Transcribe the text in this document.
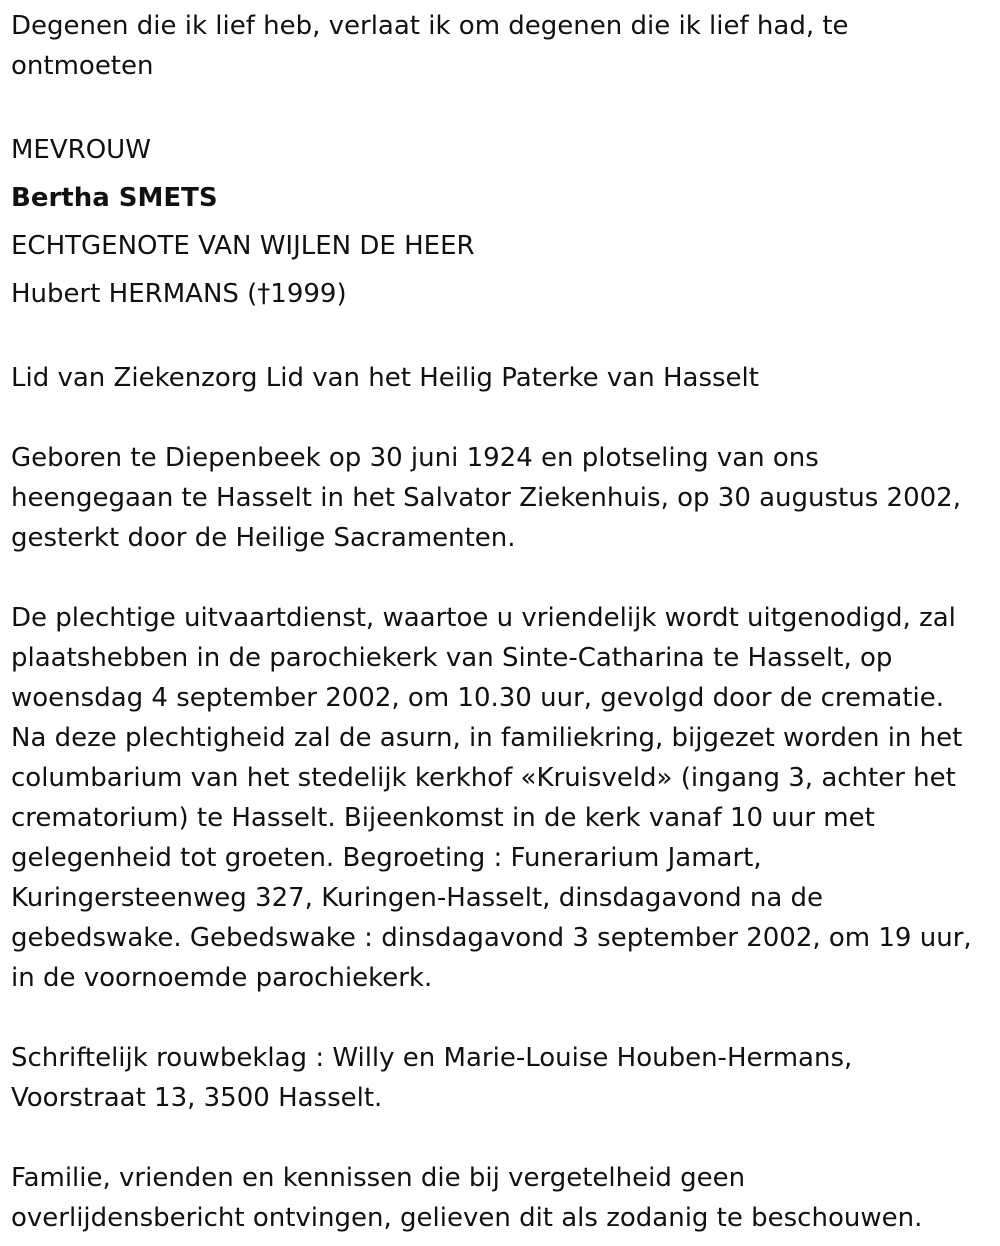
Degenen die ik lief heb, verlaat ik om degenen die ik lief had, te ontmoeten

MEVROUW
Bertha SMETS
ECHTGENOTE VAN WIJLEN DE HEER
Hubert HERMANS (†1999)

Lid van Ziekenzorg Lid van het Heilig Paterke van Hasselt

Geboren te Diepenbeek op 30 juni 1924 en plotseling van ons heengegaan te Hasselt in het Salvator Ziekenhuis, op 30 augustus 2002, gesterkt door de Heilige Sacramenten.

De plechtige uitvaartdienst, waartoe u vriendelijk wordt uitgenodigd, zal plaatshebben in de parochiekerk van Sinte-Catharina te Hasselt, op woensdag 4 september 2002, om 10.30 uur, gevolgd door de crematie. Na deze plechtigheid zal de asurn, in familiekring, bijgezet worden in het columbarium van het stedelijk kerkhof «Kruisveld» (ingang 3, achter het crematorium) te Hasselt. Bijeenkomst in de kerk vanaf 10 uur met gelegenheid tot groeten. Begroeting : Funerarium Jamart, Kuringersteenweg 327, Kuringen-Hasselt, dinsdagavond na de gebedswake. Gebedswake : dinsdagavond 3 september 2002, om 19 uur, in de voornoemde parochiekerk.

Schriftelijk rouwbeklag : Willy en Marie-Louise Houben-Hermans, Voorstraat 13, 3500 Hasselt.

Familie, vrienden en kennissen die bij vergetelheid geen overlijdensbericht ontvingen, gelieven dit als zodanig te beschouwen.
